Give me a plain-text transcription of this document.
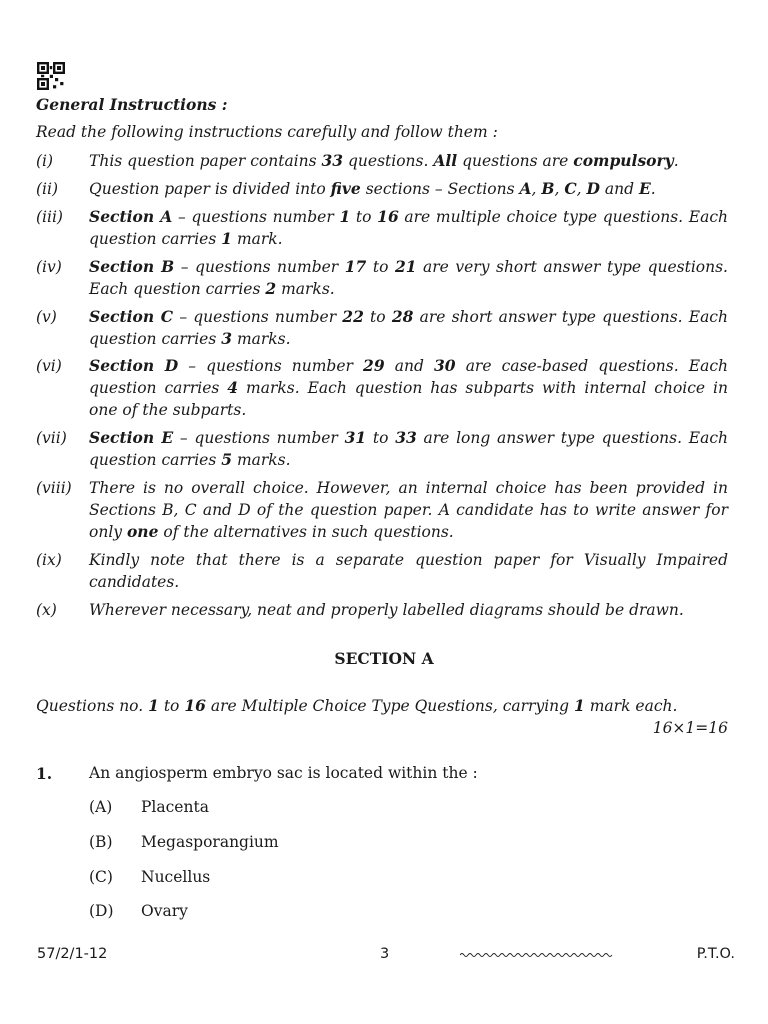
General Instructions :
Read the following instructions carefully and follow them :
(i) This question paper contains 33 questions. All questions are compulsory.
(ii) Question paper is divided into five sections – Sections A, B, C, D and E.
(iii) Section A – questions number 1 to 16 are multiple choice type questions. Each question carries 1 mark.
(iv) Section B – questions number 17 to 21 are very short answer type questions. Each question carries 2 marks.
(v) Section C – questions number 22 to 28 are short answer type questions. Each question carries 3 marks.
(vi) Section D – questions number 29 and 30 are case-based questions. Each question carries 4 marks. Each question has subparts with internal choice in one of the subparts.
(vii) Section E – questions number 31 to 33 are long answer type questions. Each question carries 5 marks.
(viii) There is no overall choice. However, an internal choice has been provided in Sections B, C and D of the question paper. A candidate has to write answer for only one of the alternatives in such questions.
(ix) Kindly note that there is a separate question paper for Visually Impaired candidates.
(x) Wherever necessary, neat and properly labelled diagrams should be drawn.
SECTION A
Questions no. 1 to 16 are Multiple Choice Type Questions, carrying 1 mark each.
16×1=16
1. An angiosperm embryo sac is located within the :
(A) Placenta
(B) Megasporangium
(C) Nucellus
(D) Ovary
57/2/1-12	3	P.T.O.
